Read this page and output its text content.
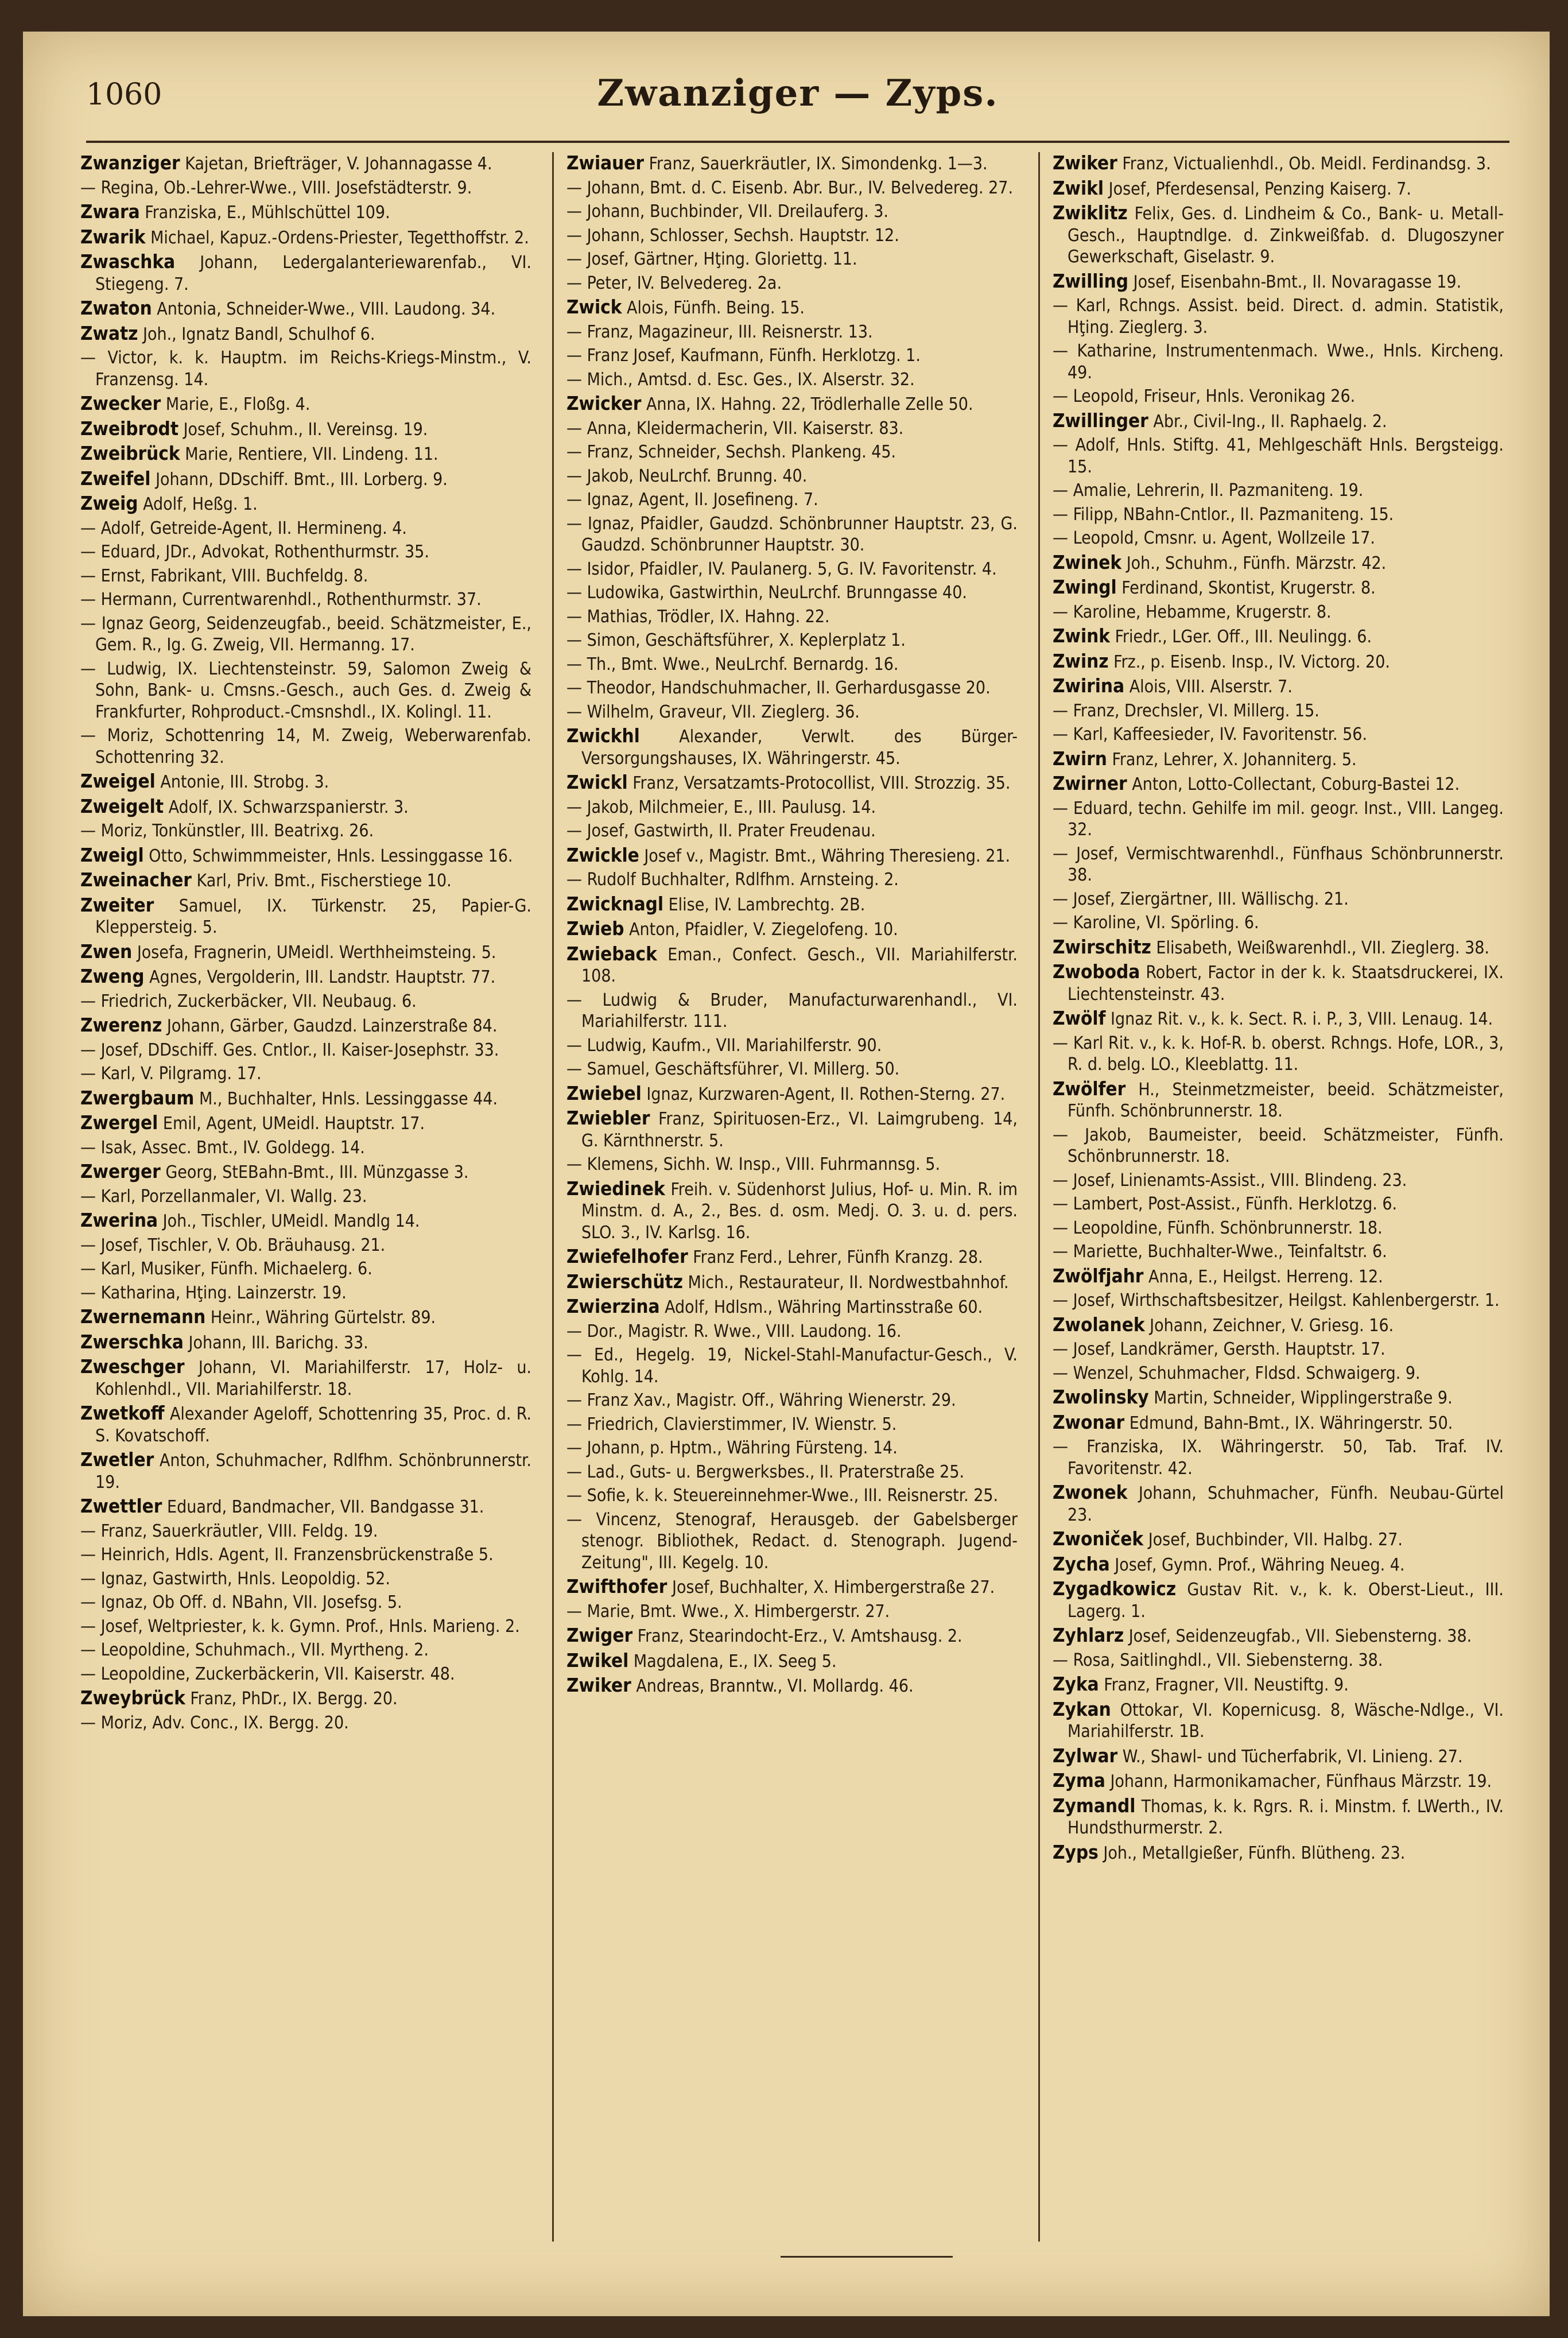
1060	Zwanziger — Zyps.

Zwanziger Kajetan, Briefträger, V. Johannagasse 4.

— Regina, Ob.-Lehrer-Wwe., VIII. Josefstädterstr. 9.

Zwara Franziska, E., Mühlschüttel 109.

Zwarik Michael, Kapuz.-Ordens-Priester, Tegetthoffstr. 2.

Zwaschka Johann, Ledergalanteriewarenfab., VI. Stiegeng. 7.

Zwaton Antonia, Schneider-Wwe., VIII. Laudong. 34.

Zwatz Joh., Ignatz Bandl, Schulhof 6.

— Victor, k. k. Hauptm. im Reichs-Kriegs-Minstm., V. Franzensg. 14.

Zwecker Marie, E., Floßg. 4.

Zweibrodt Josef, Schuhm., II. Vereinsg. 19.

Zweibrück Marie, Rentiere, VII. Lindeng. 11.

Zweifel Johann, DDschiff. Bmt., III. Lorberg. 9.

Zweig Adolf, Heßg. 1.

— Adolf, Getreide-Agent, II. Hermineng. 4.

— Eduard, JDr., Advokat, Rothenthurmstr. 35.

— Ernst, Fabrikant, VIII. Buchfeldg. 8.

— Hermann, Currentwarenhdl., Rothenthurmstr. 37.

— Ignaz Georg, Seidenzeugfab., beeid. Schätzmeister, E., Gem. R., Ig. G. Zweig, VII. Hermanng. 17.

— Ludwig, IX. Liechtensteinstr. 59, Salomon Zweig & Sohn, Bank- u. Cmsns.-Gesch., auch Ges. d. Zweig & Frankfurter, Rohproduct.-Cmsnshdl., IX. Kolingl. 11.

— Moriz, Schottenring 14, M. Zweig, Weberwarenfab. Schottenring 32.

Zweigel Antonie, III. Strobg. 3.

Zweigelt Adolf, IX. Schwarzspanierstr. 3.

— Moriz, Tonkünstler, III. Beatrixg. 26.

Zweigl Otto, Schwimmmeister, Hnls. Lessinggasse 16.

Zweinacher Karl, Priv. Bmt., Fischerstiege 10.

Zweiter Samuel, IX. Türkenstr. 25, Papier-G. Kleppersteig. 5.

Zwen Josefa, Fragnerin, UMeidl. Werthheimsteing. 5.

Zweng Agnes, Vergolderin, III. Landstr. Hauptstr. 77.

— Friedrich, Zuckerbäcker, VII. Neubaug. 6.

Zwerenz Johann, Gärber, Gaudzd. Lainzerstraße 84.

— Josef, DDschiff. Ges. Cntlor., II. Kaiser-Josephstr. 33.

— Karl, V. Pilgramg. 17.

Zwergbaum M., Buchhalter, Hnls. Lessinggasse 44.

Zwergel Emil, Agent, UMeidl. Hauptstr. 17.

— Isak, Assec. Bmt., IV. Goldegg. 14.

Zwerger Georg, StEBahn-Bmt., III. Münzgasse 3.

— Karl, Porzellanmaler, VI. Wallg. 23.

Zwerina Joh., Tischler, UMeidl. Mandlg 14.

— Josef, Tischler, V. Ob. Bräuhausg. 21.

— Karl, Musiker, Fünfh. Michaelerg. 6.

— Katharina, Hţing. Lainzerstr. 19.

Zwernemann Heinr., Währing Gürtelstr. 89.

Zwerschka Johann, III. Barichg. 33.

Zweschger Johann, VI. Mariahilferstr. 17, Holz- u. Kohlenhdl., VII. Mariahilferstr. 18.

Zwetkoff Alexander Ageloff, Schottenring 35, Proc. d. R. S. Kovatschoff.

Zwetler Anton, Schuhmacher, Rdlfhm. Schönbrunnerstr. 19.

Zwettler Eduard, Bandmacher, VII. Bandgasse 31.

— Franz, Sauerkräutler, VIII. Feldg. 19.

— Heinrich, Hdls. Agent, II. Franzensbrückenstraße 5.

— Ignaz, Gastwirth, Hnls. Leopoldig. 52.

— Ignaz, Ob Off. d. NBahn, VII. Josefsg. 5.

— Josef, Weltpriester, k. k. Gymn. Prof., Hnls. Marieng. 2.

— Leopoldine, Schuhmach., VII. Myrtheng. 2.

— Leopoldine, Zuckerbäckerin, VII. Kaiserstr. 48.

Zweybrück Franz, PhDr., IX. Bergg. 20.

— Moriz, Adv. Conc., IX. Bergg. 20.

Zwiauer Franz, Sauerkräutler, IX. Simondenkg. 1—3.

— Johann, Bmt. d. C. Eisenb. Abr. Bur., IV. Belvedereg. 27.

— Johann, Buchbinder, VII. Dreilauferg. 3.

— Johann, Schlosser, Sechsh. Hauptstr. 12.

— Josef, Gärtner, Hţing. Gloriettg. 11.

— Peter, IV. Belvedereg. 2a.

Zwick Alois, Fünfh. Being. 15.

— Franz, Magazineur, III. Reisnerstr. 13.

— Franz Josef, Kaufmann, Fünfh. Herklotzg. 1.

— Mich., Amtsd. d. Esc. Ges., IX. Alserstr. 32.

Zwicker Anna, IX. Hahng. 22, Trödlerhalle Zelle 50.

— Anna, Kleidermacherin, VII. Kaiserstr. 83.

— Franz, Schneider, Sechsh. Plankeng. 45.

— Jakob, NeuLrchf. Brunng. 40.

— Ignaz, Agent, II. Josefineng. 7.

— Ignaz, Pfaidler, Gaudzd. Schönbrunner Hauptstr. 23, G. Gaudzd. Schönbrunner Hauptstr. 30.

— Isidor, Pfaidler, IV. Paulanerg. 5, G. IV. Favoritenstr. 4.

— Ludowika, Gastwirthin, NeuLrchf. Brunngasse 40.

— Mathias, Trödler, IX. Hahng. 22.

— Simon, Geschäftsführer, X. Keplerplatz 1.

— Th., Bmt. Wwe., NeuLrchf. Bernardg. 16.

— Theodor, Handschuhmacher, II. Gerhardusgasse 20.

— Wilhelm, Graveur, VII. Zieglerg. 36.

Zwickhl Alexander, Verwlt. des Bürger-Versorgungshauses, IX. Währingerstr. 45.

Zwickl Franz, Versatzamts-Protocollist, VIII. Strozzig. 35.

— Jakob, Milchmeier, E., III. Paulusg. 14.

— Josef, Gastwirth, II. Prater Freudenau.

Zwickle Josef v., Magistr. Bmt., Währing Theresieng. 21.

— Rudolf Buchhalter, Rdlfhm. Arnsteing. 2.

Zwicknagl Elise, IV. Lambrechtg. 2B.

Zwieb Anton, Pfaidler, V. Ziegelofeng. 10.

Zwieback Eman., Confect. Gesch., VII. Mariahilferstr. 108.

— Ludwig & Bruder, Manufacturwarenhandl., VI. Mariahilferstr. 111.

— Ludwig, Kaufm., VII. Mariahilferstr. 90.

— Samuel, Geschäftsführer, VI. Millerg. 50.

Zwiebel Ignaz, Kurzwaren-Agent, II. Rothen-Sterng. 27.

Zwiebler Franz, Spirituosen-Erz., VI. Laimgrubeng. 14, G. Kärnthnerstr. 5.

— Klemens, Sichh. W. Insp., VIII. Fuhrmannsg. 5.

Zwiedinek Freih. v. Südenhorst Julius, Hof- u. Min. R. im Minstm. d. A., 2., Bes. d. osm. Medj. O. 3. u. d. pers. SLO. 3., IV. Karlsg. 16.

Zwiefelhofer Franz Ferd., Lehrer, Fünfh Kranzg. 28.

Zwierschütz Mich., Restaurateur, II. Nordwestbahnhof.

Zwierzina Adolf, Hdlsm., Währing Martinsstraße 60.

— Dor., Magistr. R. Wwe., VIII. Laudong. 16.

— Ed., Hegelg. 19, Nickel-Stahl-Manufactur-Gesch., V. Kohlg. 14.

— Franz Xav., Magistr. Off., Währing Wienerstr. 29.

— Friedrich, Clavierstimmer, IV. Wienstr. 5.

— Johann, p. Hptm., Währing Fürsteng. 14.

— Lad., Guts- u. Bergwerksbes., II. Praterstraße 25.

— Sofie, k. k. Steuereinnehmer-Wwe., III. Reisnerstr. 25.

— Vincenz, Stenograf, Herausgeb. der Gabelsberger stenogr. Bibliothek, Redact. d. Stenograph. Jugend-Zeitung", III. Kegelg. 10.

Zwifthofer Josef, Buchhalter, X. Himbergerstraße 27.

— Marie, Bmt. Wwe., X. Himbergerstr. 27.

Zwiger Franz, Stearindocht-Erz., V. Amtshausg. 2.

Zwikel Magdalena, E., IX. Seeg 5.

Zwiker Andreas, Branntw., VI. Mollardg. 46.

Zwiker Franz, Victualienhdl., Ob. Meidl. Ferdinandsg. 3.

Zwikl Josef, Pferdesensal, Penzing Kaiserg. 7.

Zwiklitz Felix, Ges. d. Lindheim & Co., Bank- u. Metall-Gesch., Hauptndlge. d. Zinkweißfab. d. Dlugoszyner Gewerkschaft, Giselastr. 9.

Zwilling Josef, Eisenbahn-Bmt., II. Novaragasse 19.

— Karl, Rchngs. Assist. beid. Direct. d. admin. Statistik, Hţing. Zieglerg. 3.

— Katharine, Instrumentenmach. Wwe., Hnls. Kircheng. 49.

— Leopold, Friseur, Hnls. Veronikag 26.

Zwillinger Abr., Civil-Ing., II. Raphaelg. 2.

— Adolf, Hnls. Stiftg. 41, Mehlgeschäft Hnls. Bergsteigg. 15.

— Amalie, Lehrerin, II. Pazmaniteng. 19.

— Filipp, NBahn-Cntlor., II. Pazmaniteng. 15.

— Leopold, Cmsnr. u. Agent, Wollzeile 17.

Zwinek Joh., Schuhm., Fünfh. Märzstr. 42.

Zwingl Ferdinand, Skontist, Krugerstr. 8.

— Karoline, Hebamme, Krugerstr. 8.

Zwink Friedr., LGer. Off., III. Neulingg. 6.

Zwinz Frz., p. Eisenb. Insp., IV. Victorg. 20.

Zwirina Alois, VIII. Alserstr. 7.

— Franz, Drechsler, VI. Millerg. 15.

— Karl, Kaffeesieder, IV. Favoritenstr. 56.

Zwirn Franz, Lehrer, X. Johanniterg. 5.

Zwirner Anton, Lotto-Collectant, Coburg-Bastei 12.

— Eduard, techn. Gehilfe im mil. geogr. Inst., VIII. Langeg. 32.

— Josef, Vermischtwarenhdl., Fünfhaus Schönbrunnerstr. 38.

— Josef, Ziergärtner, III. Wällischg. 21.

— Karoline, VI. Spörling. 6.

Zwirschitz Elisabeth, Weißwarenhdl., VII. Zieglerg. 38.

Zwoboda Robert, Factor in der k. k. Staatsdruckerei, IX. Liechtensteinstr. 43.

Zwölf Ignaz Rit. v., k. k. Sect. R. i. P., 3, VIII. Lenaug. 14.

— Karl Rit. v., k. k. Hof-R. b. oberst. Rchngs. Hofe, LOR., 3, R. d. belg. LO., Kleeblattg. 11.

Zwölfer H., Steinmetzmeister, beeid. Schätzmeister, Fünfh. Schönbrunnerstr. 18.

— Jakob, Baumeister, beeid. Schätzmeister, Fünfh. Schönbrunnerstr. 18.

— Josef, Linienamts-Assist., VIII. Blindeng. 23.

— Lambert, Post-Assist., Fünfh. Herklotzg. 6.

— Leopoldine, Fünfh. Schönbrunnerstr. 18.

— Mariette, Buchhalter-Wwe., Teinfaltstr. 6.

Zwölfjahr Anna, E., Heilgst. Herreng. 12.

— Josef, Wirthschaftsbesitzer, Heilgst. Kahlenbergerstr. 1.

Zwolanek Johann, Zeichner, V. Griesg. 16.

— Josef, Landkrämer, Gersth. Hauptstr. 17.

— Wenzel, Schuhmacher, Fldsd. Schwaigerg. 9.

Zwolinsky Martin, Schneider, Wipplingerstraße 9.

Zwonar Edmund, Bahn-Bmt., IX. Währingerstr. 50.

— Franziska, IX. Währingerstr. 50, Tab. Traf. IV. Favoritenstr. 42.

Zwonek Johann, Schuhmacher, Fünfh. Neubau-Gürtel 23.

Zwoniček Josef, Buchbinder, VII. Halbg. 27.

Zycha Josef, Gymn. Prof., Währing Neueg. 4.

Zygadkowicz Gustav Rit. v., k. k. Oberst-Lieut., III. Lagerg. 1.

Zyhlarz Josef, Seidenzeugfab., VII. Siebensterng. 38.

— Rosa, Saitlinghdl., VII. Siebensterng. 38.

Zyka Franz, Fragner, VII. Neustiftg. 9.

Zykan Ottokar, VI. Kopernicusg. 8, Wäsche-Ndlge., VI. Mariahilferstr. 1B.

Zylwar W., Shawl- und Tücherfabrik, VI. Linieng. 27.

Zyma Johann, Harmonikamacher, Fünfhaus Märzstr. 19.

Zymandl Thomas, k. k. Rgrs. R. i. Minstm. f. LWerth., IV. Hundsthurmerstr. 2.

Zyps Joh., Metallgießer, Fünfh. Blütheng. 23.
